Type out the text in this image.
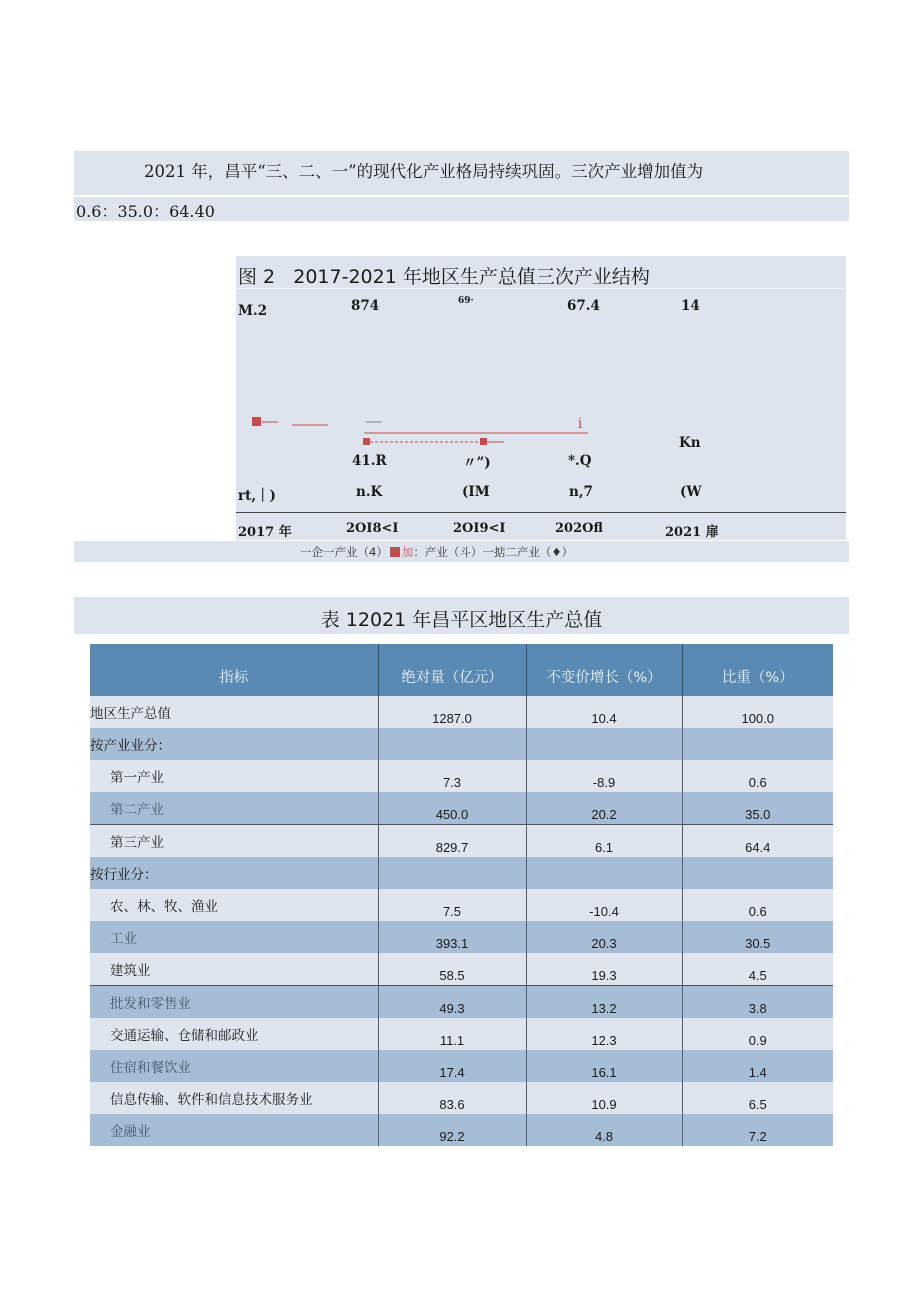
2021 年，昌平“三、二、一”的现代化产业格局持续巩固。三次产业增加值为
0.6：35.0：64.40
图 2   2017-2021 年地区生产总值三次产业结构
M.2	874	69·	67.4	14
i
Kn
41.R	〃”)	*.Q
rt,｜)	n.K	(IM	n,7	(W
2017 年	2OI8<I	2OI9<I	202Ofl	2021 扉
一企一产业（4） 加：产业（斗）一掂二产业（♦）
表 12021 年昌平区地区生产总值
指标	绝对量（亿元）	不变价增长（%）	比重（%）
地区生产总值	1287.0	10.4	100.0
按产业业分：			
第一产业	7.3	-8.9	0.6
第二产业	450.0	20.2	35.0
第三产业	829.7	6.1	64.4
按行业分：			
农、林、牧、渔业	7.5	-10.4	0.6
工业	393.1	20.3	30.5
建筑业	58.5	19.3	4.5
批发和零售业	49.3	13.2	3.8
交通运输、仓储和邮政业	11.1	12.3	0.9
住宿和餐饮业	17.4	16.1	1.4
信息传输、软件和信息技术服务业	83.6	10.9	6.5
金融业	92.2	4.8	7.2
